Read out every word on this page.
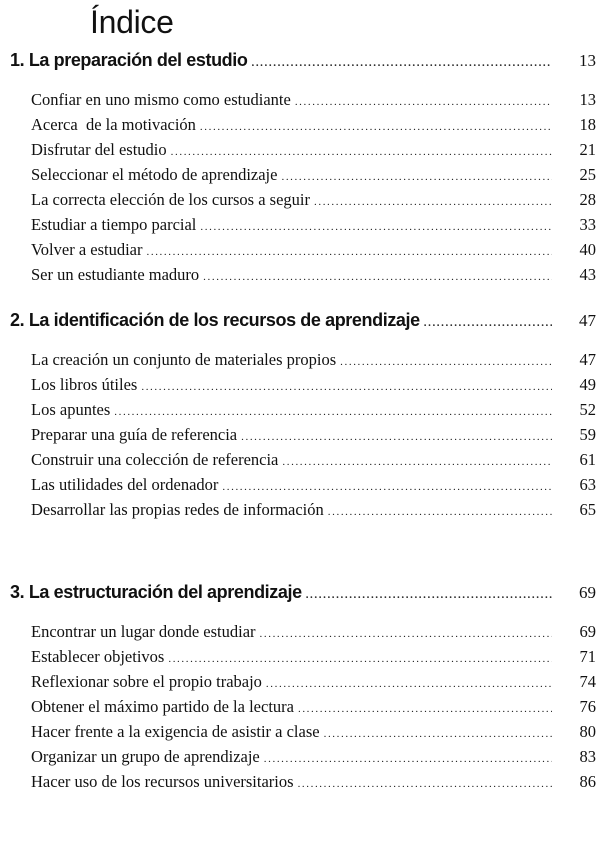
Índice
1. La preparación del estudio .....	13
Confiar en uno mismo como estudiante .....	13
Acerca  de la motivación .....	18
Disfrutar del estudio .....	21
Seleccionar el método de aprendizaje .....	25
La correcta elección de los cursos a seguir .....	28
Estudiar a tiempo parcial .....	33
Volver a estudiar .....	40
Ser un estudiante maduro .....	43
2. La identificación de los recursos de aprendizaje .....	47
La creación un conjunto de materiales propios .....	47
Los libros útiles .....	49
Los apuntes .....	52
Preparar una guía de referencia .....	59
Construir una colección de referencia .....	61
Las utilidades del ordenador .....	63
Desarrollar las propias redes de información .....	65
3. La estructuración del aprendizaje .....	69
Encontrar un lugar donde estudiar .....	69
Establecer objetivos .....	71
Reflexionar sobre el propio trabajo .....	74
Obtener el máximo partido de la lectura .....	76
Hacer frente a la exigencia de asistir a clase .....	80
Organizar un grupo de aprendizaje .....	83
Hacer uso de los recursos universitarios .....	86
